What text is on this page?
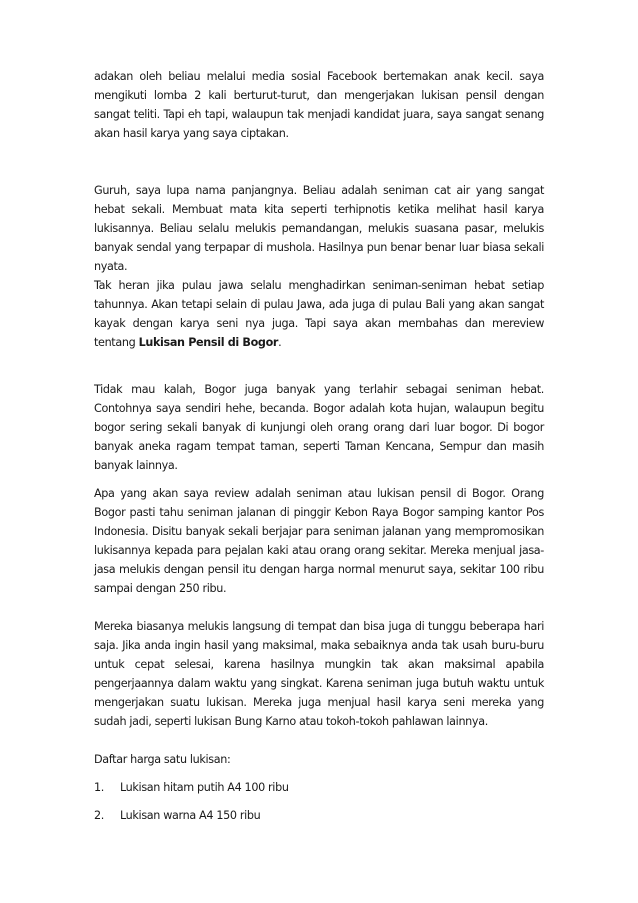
adakan oleh beliau melalui media sosial Facebook bertemakan anak kecil. saya mengikuti lomba 2 kali berturut-turut, dan mengerjakan lukisan pensil dengan sangat teliti. Tapi eh tapi, walaupun tak menjadi kandidat juara, saya sangat senang akan hasil karya yang saya ciptakan.

Guruh, saya lupa nama panjangnya. Beliau adalah seniman cat air yang sangat hebat sekali. Membuat mata kita seperti terhipnotis ketika melihat hasil karya lukisannya. Beliau selalu melukis pemandangan, melukis suasana pasar, melukis banyak sendal yang terpapar di mushola. Hasilnya pun benar benar luar biasa sekali nyata.

Tak heran jika pulau jawa selalu menghadirkan seniman-seniman hebat setiap tahunnya. Akan tetapi selain di pulau Jawa, ada juga di pulau Bali yang akan sangat kayak dengan karya seni nya juga. Tapi saya akan membahas dan mereview tentang Lukisan Pensil di Bogor.

Tidak mau kalah, Bogor juga banyak yang terlahir sebagai seniman hebat. Contohnya saya sendiri hehe, becanda. Bogor adalah kota hujan, walaupun begitu bogor sering sekali banyak di kunjungi oleh orang orang dari luar bogor. Di bogor banyak aneka ragam tempat taman, seperti Taman Kencana, Sempur dan masih banyak lainnya.

Apa yang akan saya review adalah seniman atau lukisan pensil di Bogor. Orang Bogor pasti tahu seniman jalanan di pinggir Kebon Raya Bogor samping kantor Pos Indonesia. Disitu banyak sekali berjajar para seniman jalanan yang mempromosikan lukisannya kepada para pejalan kaki atau orang orang sekitar. Mereka menjual jasa-jasa melukis dengan pensil itu dengan harga normal menurut saya, sekitar 100 ribu sampai dengan 250 ribu.

Mereka biasanya melukis langsung di tempat dan bisa juga di tunggu beberapa hari saja. Jika anda ingin hasil yang maksimal, maka sebaiknya anda tak usah buru-buru untuk cepat selesai, karena hasilnya mungkin tak akan maksimal apabila pengerjaannya dalam waktu yang singkat. Karena seniman juga butuh waktu untuk mengerjakan suatu lukisan. Mereka juga menjual hasil karya seni mereka yang sudah jadi, seperti lukisan Bung Karno atau tokoh-tokoh pahlawan lainnya.

Daftar harga satu lukisan:

1. Lukisan hitam putih A4 100 ribu

2. Lukisan warna A4 150 ribu
